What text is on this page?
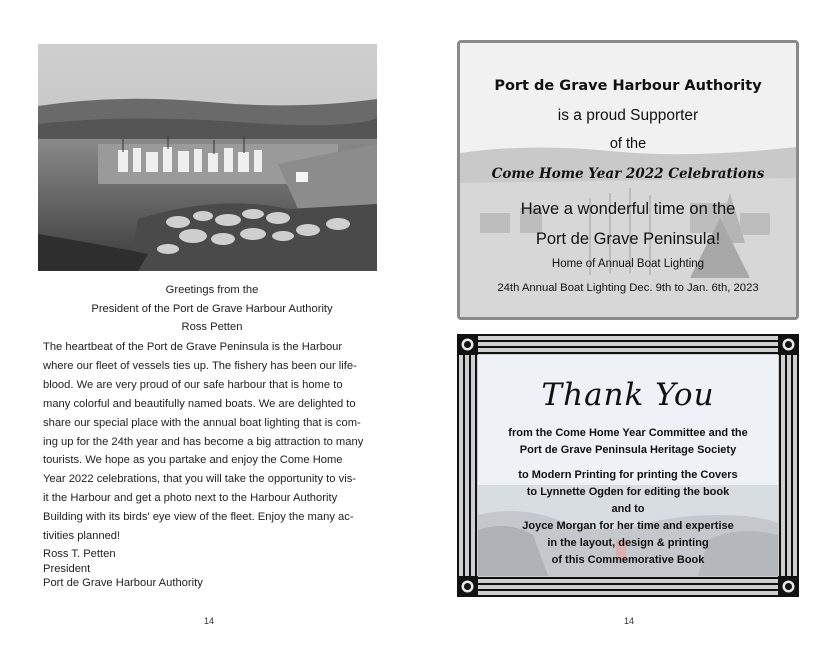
Greetings from the
President of the Port de Grave Harbour Authority
Ross Petten

The heartbeat of the Port de Grave Peninsula is the Harbour

where our fleet of vessels ties up. The fishery has been our life-

blood. We are very proud of our safe harbour that is home to

many colorful and beautifully named boats. We are delighted to

share our special place with the annual boat lighting that is com-

ing up for the 24th year and has become a big attraction to many

tourists. We hope as you partake and enjoy the Come Home

Year 2022 celebrations, that you will take the opportunity to vis-

it the Harbour and get a photo next to the Harbour Authority

Building with its birds' eye view of the fleet. Enjoy the many ac-

tivities planned!

Ross T. Petten
President
Port de Grave Harbour Authority
14
Port de Grave Harbour Authority
is a proud Supporter
of the
Come Home Year 2022 Celebrations
Have a wonderful time on the
Port de Grave Peninsula!
Home of Annual Boat Lighting
24th Annual Boat Lighting Dec. 9th to Jan. 6th, 2023
Thank You
from the Come Home Year Committee and the
Port de Grave Peninsula Heritage Society
to Modern Printing for printing the Covers
to Lynnette Ogden for editing the book
and to
Joyce Morgan for her time and expertise
in the layout, design & printing
of this Commemorative Book
14
